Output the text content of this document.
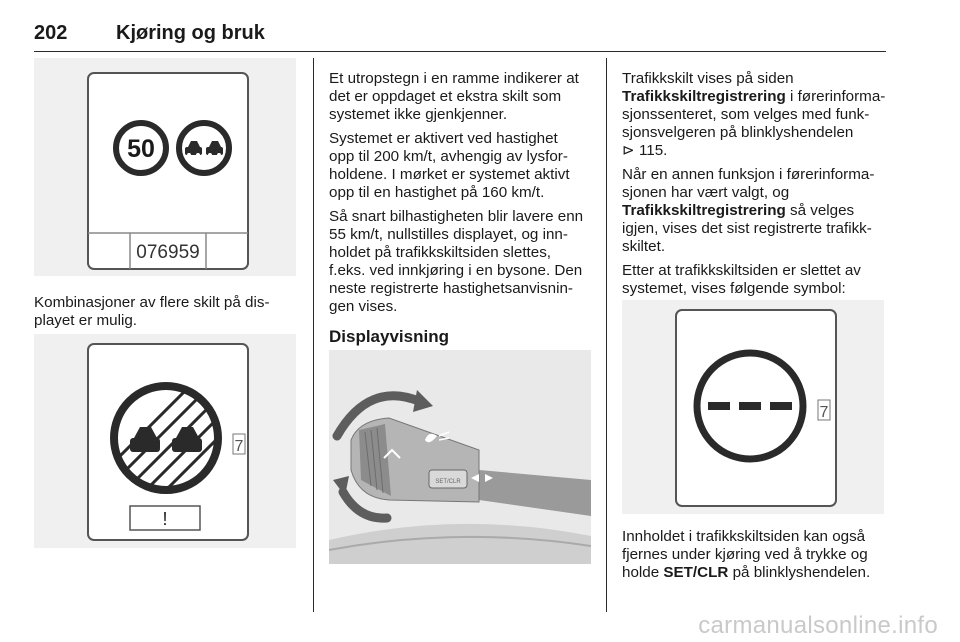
202 Kjøring og bruk
50
076959

Kombinasjoner av flere skilt på dis-
playet er mulig.

7
!

Et utropstegn i en ramme indikerer at
det er oppdaget et ekstra skilt som
systemet ikke gjenkjenner.

Systemet er aktivert ved hastighet
opp til 200 km/t, avhengig av lysfor-
holdene. I mørket er systemet aktivt
opp til en hastighet på 160 km/t.

Så snart bilhastigheten blir lavere enn
55 km/t, nullstilles displayet, og inn-
holdet på trafikkskiltsiden slettes,
f.eks. ved innkjøring i en bysone. Den
neste registrerte hastighetsanvisnin-
gen vises.

Displayvisning

SET/CLR

Trafikkskilt vises på siden
Trafikkskiltregistrering i førerinforma-
sjonssenteret, som velges med funk-
sjonsvelgeren på blinklyshendelen
⊳ 115.

Når en annen funksjon i førerinforma-
sjonen har vært valgt, og
Trafikkskiltregistrering så velges
igjen, vises det sist registrerte trafikk-
skiltet.

Etter at trafikkskiltsiden er slettet av
systemet, vises følgende symbol:

7

Innholdet i trafikkskiltsiden kan også
fjernes under kjøring ved å trykke og
holde SET/CLR på blinklyshendelen.

carmanualsonline.info
